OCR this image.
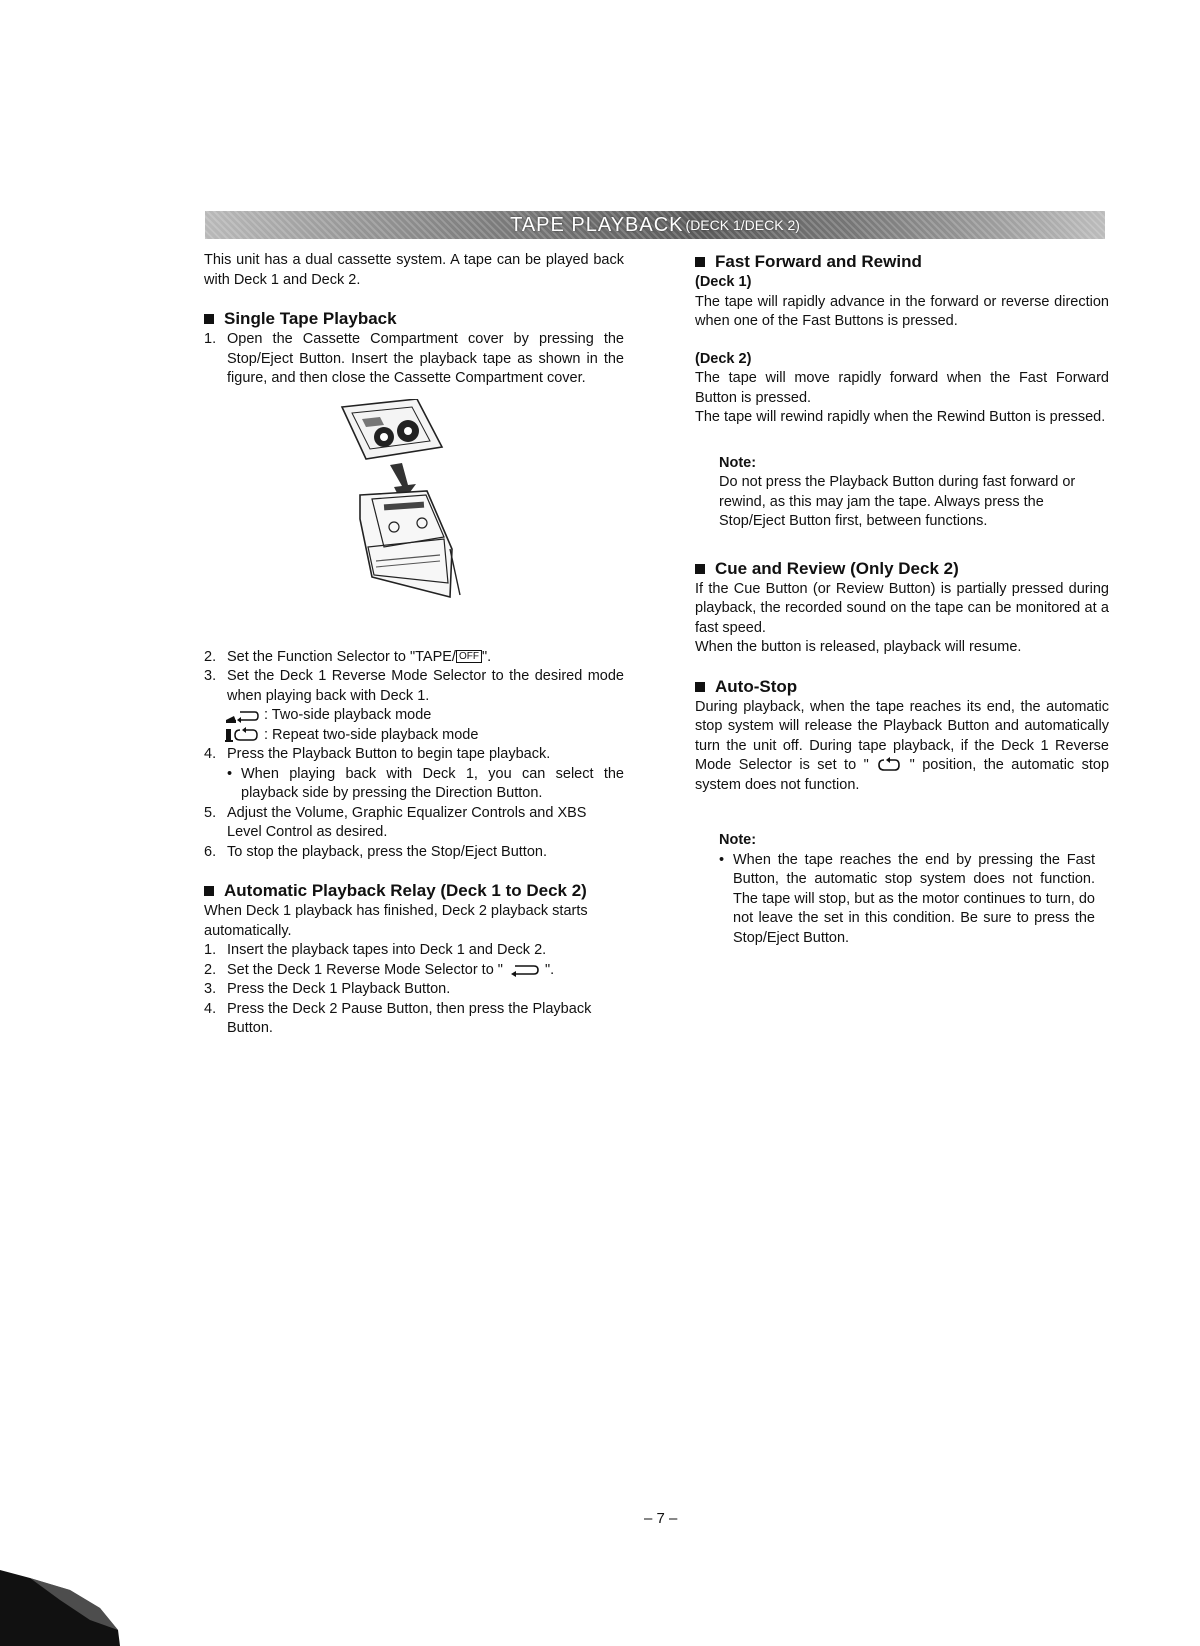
TAPE PLAYBACK (DECK 1/DECK 2)

This unit has a dual cassette system. A tape can be played back with Deck 1 and Deck 2.

Single Tape Playback
1. Open the Cassette Compartment cover by pressing the Stop/Eject Button. Insert the playback tape as shown in the figure, and then close the Cassette Compartment cover.
2. Set the Function Selector to "TAPE/ OFF ".
3. Set the Deck 1 Reverse Mode Selector to the desired mode when playing back with Deck 1.
: Two-side playback mode
: Repeat two-side playback mode
4. Press the Playback Button to begin tape playback.
• When playing back with Deck 1, you can select the playback side by pressing the Direction Button.
5. Adjust the Volume, Graphic Equalizer Controls and XBS Level Control as desired.
6. To stop the playback, press the Stop/Eject Button.
Automatic Playback Relay (Deck 1 to Deck 2)

When Deck 1 playback has finished, Deck 2 playback starts automatically.

1. Insert the playback tapes into Deck 1 and Deck 2.
2. Set the Deck 1 Reverse Mode Selector to "	".
3. Press the Deck 1 Playback Button.
4. Press the Deck 2 Pause Button, then press the Playback Button.
Fast Forward and Rewind

(Deck 1)

The tape will rapidly advance in the forward or reverse direction when one of the Fast Buttons is pressed.

(Deck 2)

The tape will move rapidly forward when the Fast Forward Button is pressed.

The tape will rewind rapidly when the Rewind Button is pressed.

Note:

Do not press the Playback Button during fast forward or rewind, as this may jam the tape. Always press the Stop/Eject Button first, between functions.

Cue and Review (Only Deck 2)

If the Cue Button (or Review Button) is partially pressed during playback, the recorded sound on the tape can be monitored at a fast speed.

When the button is released, playback will resume.

Auto-Stop

During playback, when the tape reaches its end, the automatic stop system will release the Playback Button and automatically turn the unit off. During tape playback, if the Deck 1 Reverse Mode Selector is set to "	" position, the automatic stop system does not function.

Note:

• When the tape reaches the end by pressing the Fast Button, the automatic stop system does not function. The tape will stop, but as the motor continues to turn, do not leave the set in this condition. Be sure to press the Stop/Eject Button.
– 7 –
